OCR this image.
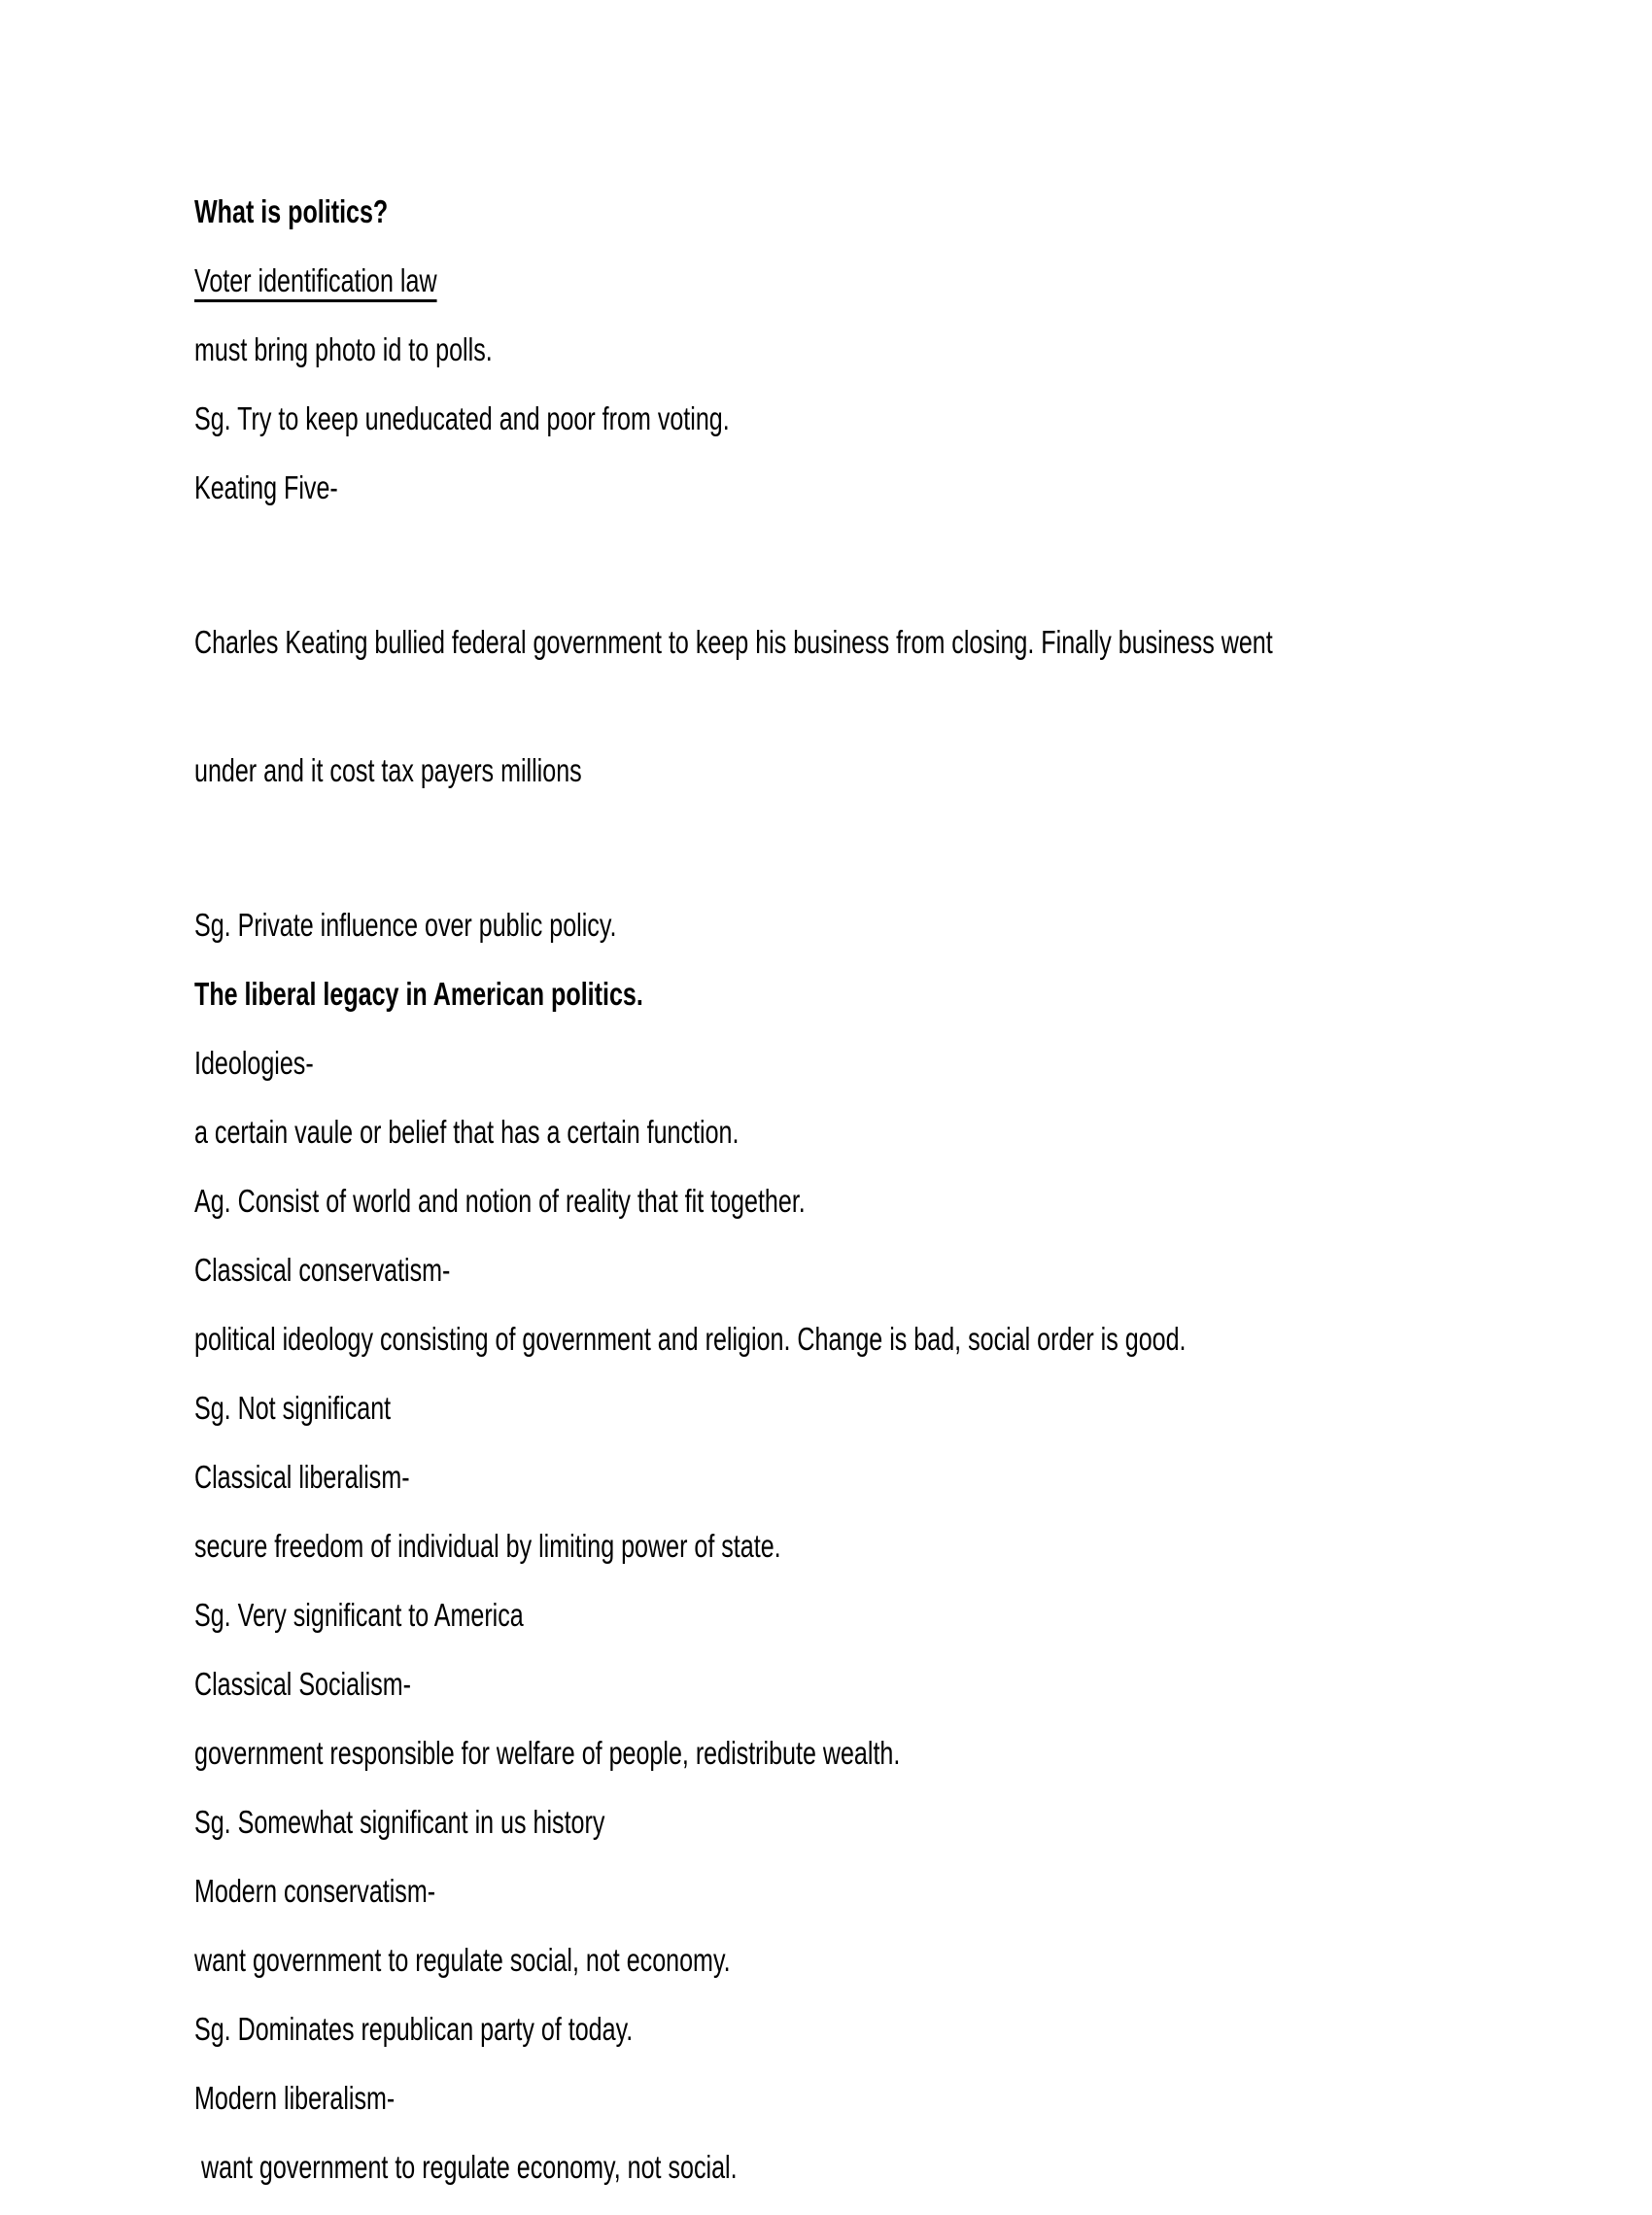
What is politics?

Voter identification law

must bring photo id to polls.

Sg. Try to keep uneducated and poor from voting.

Keating Five-

Charles Keating bullied federal government to keep his business from closing. Finally business went

under and it cost tax payers millions

Sg. Private influence over public policy.

The liberal legacy in American politics.

Ideologies-

a certain vaule or belief that has a certain function.

Ag. Consist of world and notion of reality that fit together.

Classical conservatism-

political ideology consisting of government and religion. Change is bad, social order is good.

Sg. Not significant

Classical liberalism-

secure freedom of individual by limiting power of state.

Sg. Very significant to America

Classical Socialism-

government responsible for welfare of people, redistribute wealth.

Sg. Somewhat significant in us history

Modern conservatism-

want government to regulate social, not economy.

Sg. Dominates republican party of today.

Modern liberalism-

want government to regulate economy, not social.
